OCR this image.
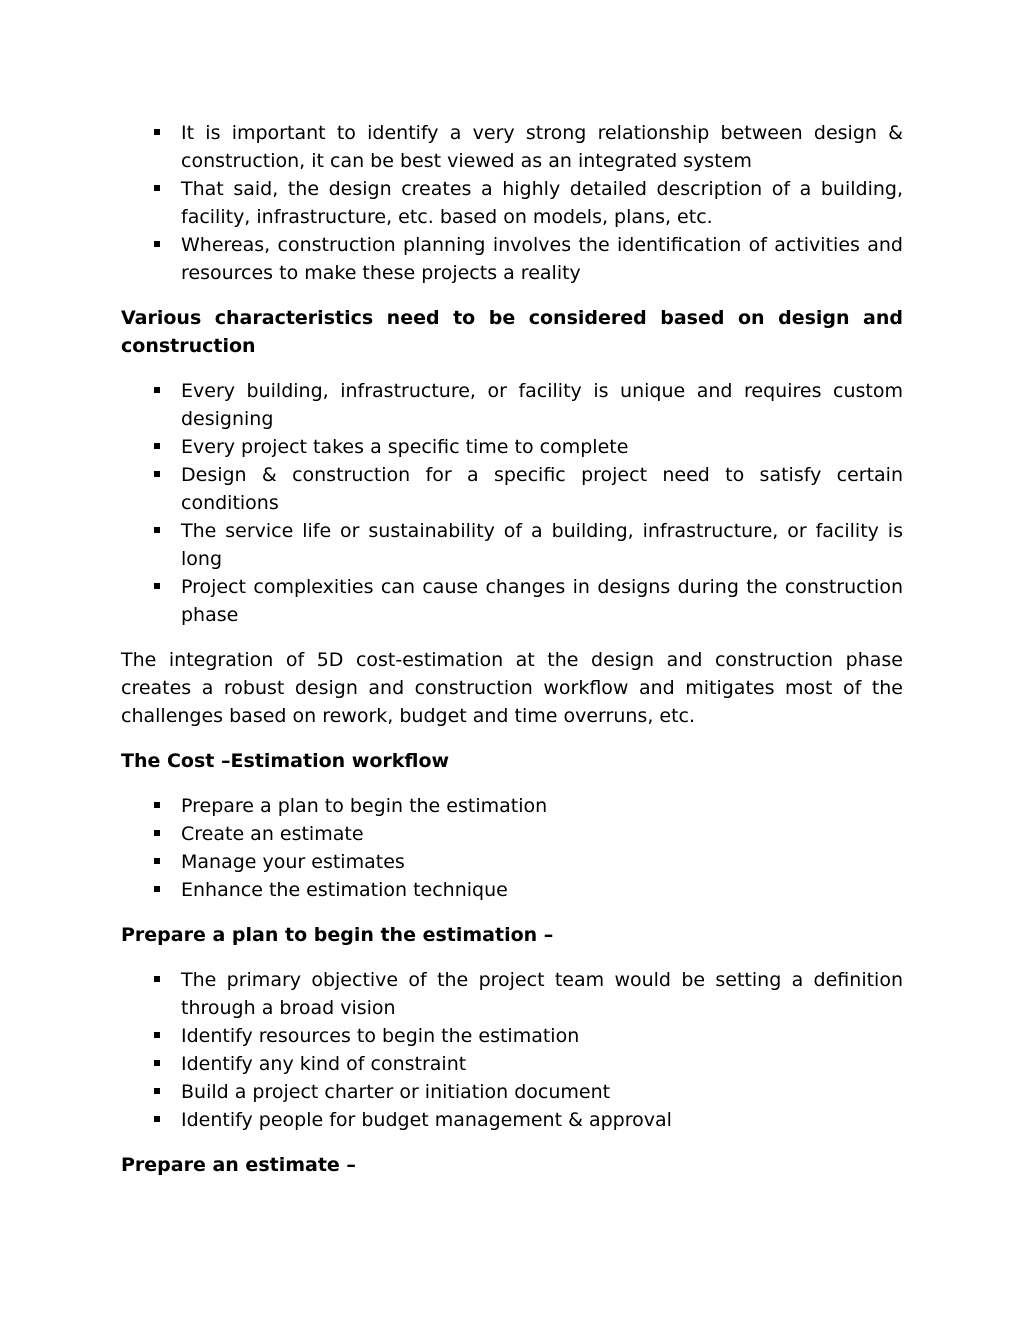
It is important to identify a very strong relationship between design & construction, it can be best viewed as an integrated system
That said, the design creates a highly detailed description of a building, facility, infrastructure, etc. based on models, plans, etc.
Whereas, construction planning involves the identification of activities and resources to make these projects a reality
Various characteristics need to be considered based on design and construction
Every building, infrastructure, or facility is unique and requires custom designing
Every project takes a specific time to complete
Design & construction for a specific project need to satisfy certain conditions
The service life or sustainability of a building, infrastructure, or facility is long
Project complexities can cause changes in designs during the construction phase
The integration of 5D cost-estimation at the design and construction phase creates a robust design and construction workflow and mitigates most of the challenges based on rework, budget and time overruns, etc.
The Cost –Estimation workflow
Prepare a plan to begin the estimation
Create an estimate
Manage your estimates
Enhance the estimation technique
Prepare a plan to begin the estimation –
The primary objective of the project team would be setting a definition through a broad vision
Identify resources to begin the estimation
Identify any kind of constraint
Build a project charter or initiation document
Identify people for budget management & approval
Prepare an estimate –
